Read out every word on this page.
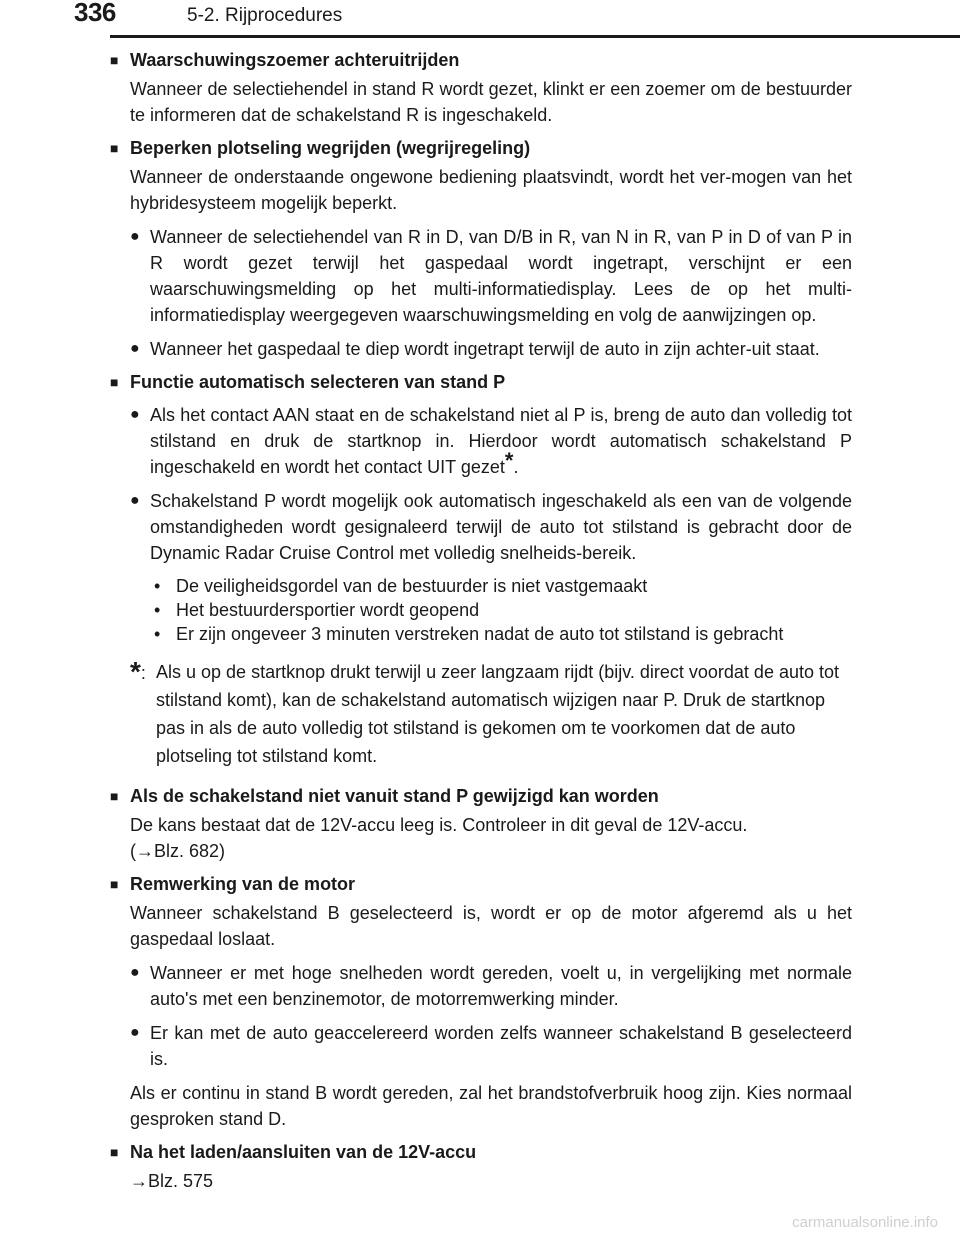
336	5-2. Rijprocedures
■ Waarschuwingszoemer achteruitrijden
Wanneer de selectiehendel in stand R wordt gezet, klinkt er een zoemer om de bestuurder te informeren dat de schakelstand R is ingeschakeld.
■ Beperken plotseling wegrijden (wegrijregeling)
Wanneer de onderstaande ongewone bediening plaatsvindt, wordt het ver-mogen van het hybridesysteem mogelijk beperkt.
● Wanneer de selectiehendel van R in D, van D/B in R, van N in R, van P in D of van P in R wordt gezet terwijl het gaspedaal wordt ingetrapt, verschijnt er een waarschuwingsmelding op het multi-informatiedisplay. Lees de op het multi-informatiedisplay weergegeven waarschuwingsmelding en volg de aanwijzingen op.
● Wanneer het gaspedaal te diep wordt ingetrapt terwijl de auto in zijn achter-uit staat.
■ Functie automatisch selecteren van stand P
● Als het contact AAN staat en de schakelstand niet al P is, breng de auto dan volledig tot stilstand en druk de startknop in. Hierdoor wordt automatisch schakelstand P ingeschakeld en wordt het contact UIT gezet*.
● Schakelstand P wordt mogelijk ook automatisch ingeschakeld als een van de volgende omstandigheden wordt gesignaleerd terwijl de auto tot stilstand is gebracht door de Dynamic Radar Cruise Control met volledig snelheids-bereik.
• De veiligheidsgordel van de bestuurder is niet vastgemaakt
• Het bestuurdersportier wordt geopend
• Er zijn ongeveer 3 minuten verstreken nadat de auto tot stilstand is gebracht
*: Als u op de startknop drukt terwijl u zeer langzaam rijdt (bijv. direct voordat de auto tot stilstand komt), kan de schakelstand automatisch wijzigen naar P. Druk de startknop pas in als de auto volledig tot stilstand is gekomen om te voorkomen dat de auto plotseling tot stilstand komt.
■ Als de schakelstand niet vanuit stand P gewijzigd kan worden
De kans bestaat dat de 12V-accu leeg is. Controleer in dit geval de 12V-accu.
(→Blz. 682)
■ Remwerking van de motor
Wanneer schakelstand B geselecteerd is, wordt er op de motor afgeremd als u het gaspedaal loslaat.
● Wanneer er met hoge snelheden wordt gereden, voelt u, in vergelijking met normale auto's met een benzinemotor, de motorremwerking minder.
● Er kan met de auto geaccelereerd worden zelfs wanneer schakelstand B geselecteerd is.
Als er continu in stand B wordt gereden, zal het brandstofverbruik hoog zijn. Kies normaal gesproken stand D.
■ Na het laden/aansluiten van de 12V-accu
→Blz. 575
carmanualsonline.info
